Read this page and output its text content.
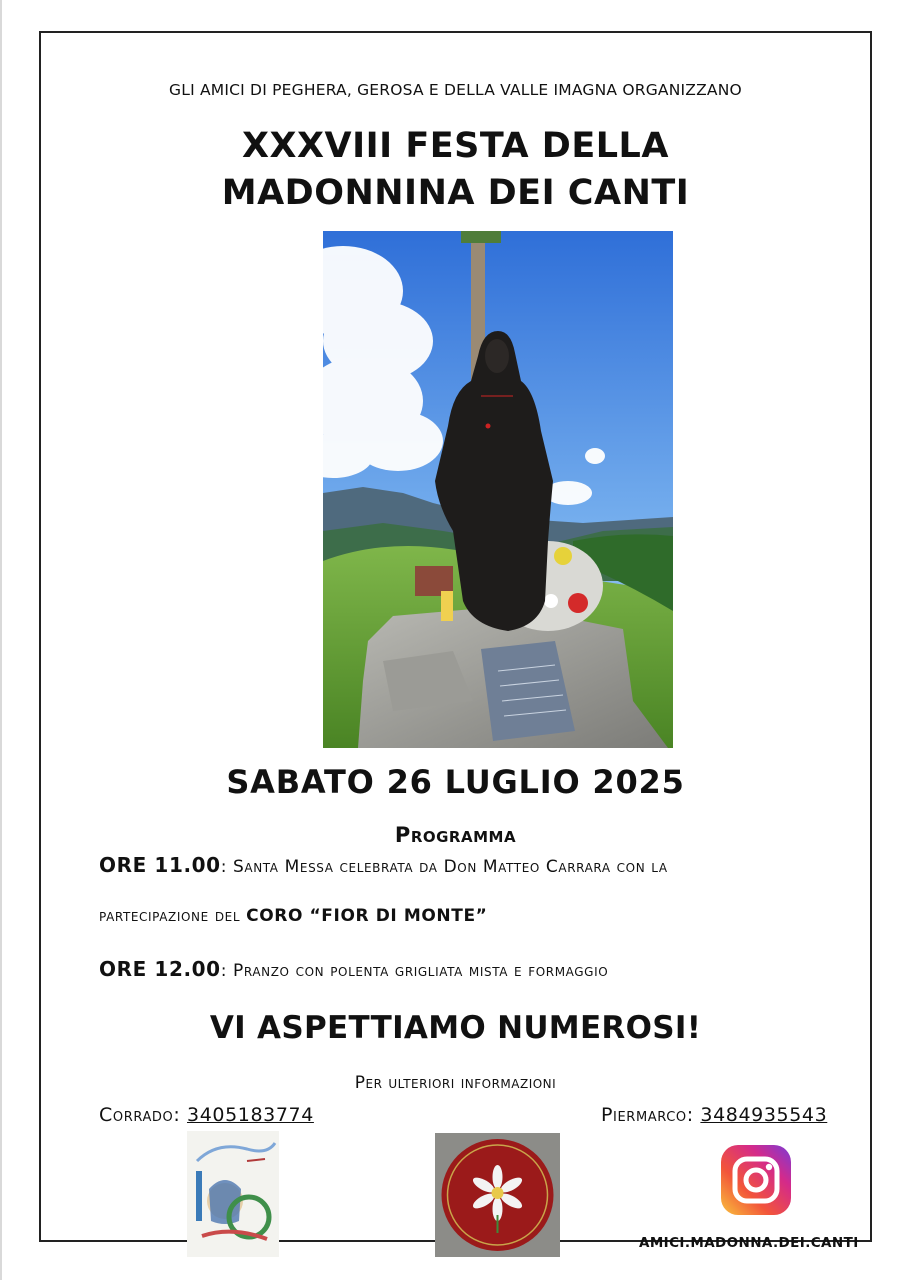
GLI AMICI DI PEGHERA, GEROSA E DELLA VALLE IMAGNA ORGANIZZANO
XXXVIII FESTA DELLA
MADONNINA DEI CANTI
SABATO 26 LUGLIO 2025
Programma
ORE 11.00: Santa Messa celebrata da Don Matteo Carrara con la
partecipazione del CORO “FIOR DI MONTE”
ORE 12.00: Pranzo con polenta grigliata mista e formaggio
VI ASPETTIAMO NUMEROSI!
Per ulteriori informazioni
Corrado: 3405183774	Piermarco: 3484935543
AMICI.MADONNA.DEI.CANTI
